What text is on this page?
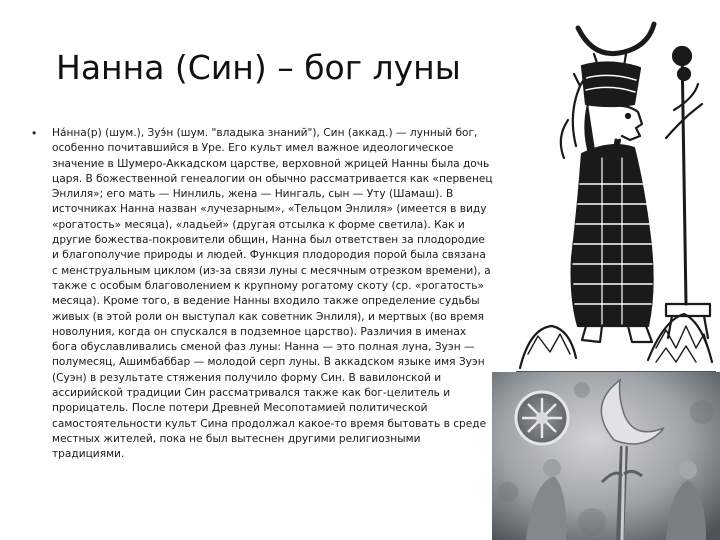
Нанна (Син) – бог луны
• На́нна(р) (шум.), Зуэ́н (шум. "владыка знаний"), Син (аккад.) — лунный бог, особенно почитавшийся в Уре. Его культ имел важное идеологическое значение в Шумеро-Аккадском царстве, верховной жрицей Нанны была дочь царя. В божественной генеалогии он обычно рассматривается как «первенец Энлиля»; его мать — Нинлиль, жена — Нингаль, сын — Уту (Шамаш). В источниках Нанна назван «лучезарным», «Тельцом Энлиля» (имеется в виду «рогатость» месяца), «ладьей» (другая отсылка к форме светила). Как и другие божества-покровители общин, Нанна был ответствен за плодородие и благополучие природы и людей. Функция плодородия порой была связана с менструальным циклом (из-за связи луны с месячным отрезком времени), а также с особым благоволением к крупному рогатому скоту (ср. «рогатость» месяца). Кроме того, в ведение Нанны входило также определение судьбы живых (в этой роли он выступал как советник Энлиля), и мертвых (во время новолуния, когда он спускался в подземное царство). Различия в именах бога обуславливались сменой фаз луны: Нанна — это полная луна, Зуэн — полумесяц, Ашимбаббар — молодой серп луны. В аккадском языке имя Зуэн (Суэн) в результате стяжения получило форму Син. В вавилонской и ассирийской традиции Син рассматривался также как бог-целитель и прорицатель. После потери Древней Месопотамией политической самостоятельности культ Сина продолжал какое-то время бытовать в среде местных жителей, пока не был вытеснен другими религиозными традициями.
